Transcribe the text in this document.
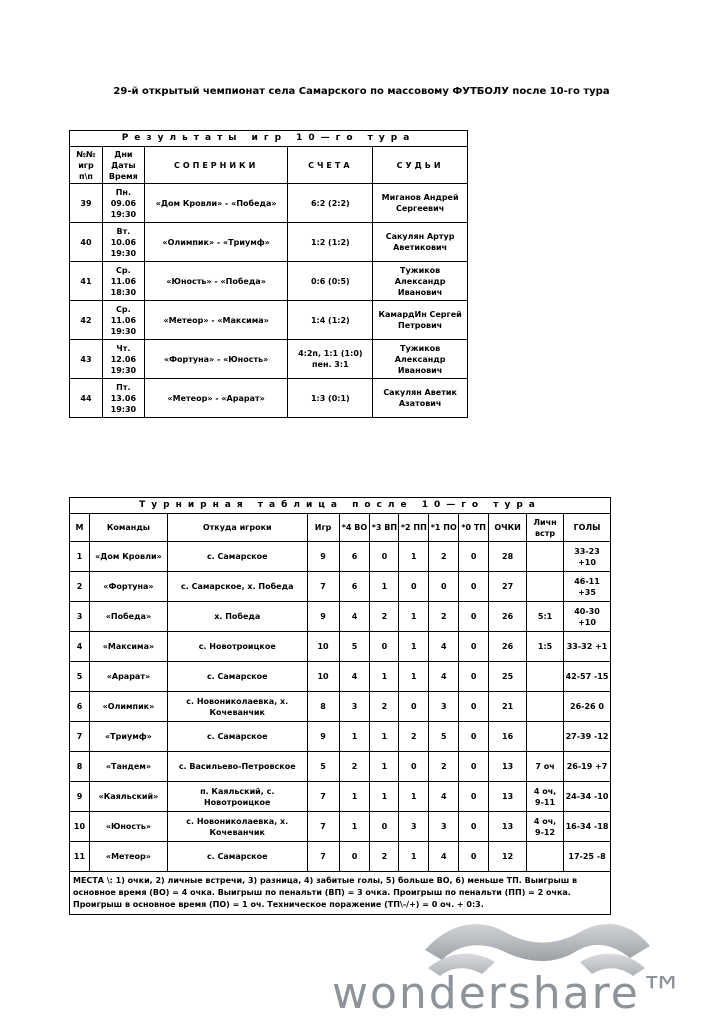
29-й открытый чемпионат села Самарского по массовому ФУТБОЛУ после 10-го тура
Результаты игр 10—го тура				
№№ игр п\п	Дни Даты Время	СОПЕРНИКИ	СЧЕТА	СУДЬИ
39	Пн. 09.06 19:30	«Дом Кровли» - «Победа»	6:2 (2:2)	Миганов Андрей Сергеевич
40	Вт. 10.06 19:30	«Олимпик» - «Триумф»	1:2 (1:2)	Сакулян Артур Аветикович
41	Ср. 11.06 18:30	«Юность» - «Победа»	0:6 (0:5)	Тужиков Александр Иванович
42	Ср. 11.06 19:30	«Метеор» - «Максима»	1:4 (1:2)	КамардИн Сергей Петрович
43	Чт. 12.06 19:30	«Фортуна» - «Юность»	4:2п, 1:1 (1:0) пен. 3:1	Тужиков Александр Иванович
44	Пт. 13.06 19:30	«Метеор» - «Арарат»	1:3 (0:1)	Сакулян Аветик Азатович
Турнирная таблица после 10—го тура											
М	Команды	Откуда игроки	Игр	*4 ВО	*3 ВП	*2 ПП	*1 ПО	*0 ТП	ОЧКИ	Личн встр	ГОЛЫ
1	«Дом Кровли»	с. Самарское	9	6	0	1	2	0	28		33-23 +10
2	«Фортуна»	с. Самарское, х. Победа	7	6	1	0	0	0	27		46-11 +35
3	«Победа»	х. Победа	9	4	2	1	2	0	26	5:1	40-30 +10
4	«Максима»	с. Новотроицкое	10	5	0	1	4	0	26	1:5	33-32 +1
5	«Арарат»	с. Самарское	10	4	1	1	4	0	25		42-57 -15
6	«Олимпик»	с. Новониколаевка, х. Кочеванчик	8	3	2	0	3	0	21		26-26 0
7	«Триумф»	с. Самарское	9	1	1	2	5	0	16		27-39 -12
8	«Тандем»	с. Васильево-Петровское	5	2	1	0	2	0	13	7 оч	26-19 +7
9	«Каяльский»	п. Каяльский, с. Новотроицкое	7	1	1	1	4	0	13	4 оч, 9-11	24-34 -10
10	«Юность»	с. Новониколаевка, х. Кочеванчик	7	1	0	3	3	0	13	4 оч, 9-12	16-34 -18
11	«Метеор»	с. Самарское	7	0	2	1	4	0	12		17-25 -8
МЕСТА \: 1) очки, 2) личные встречи, 3) разница, 4) забитые голы, 5) больше ВО, 6) меньше ТП. Выигрыш в основное время (ВО) = 4 очка. Выигрыш по пенальти (ВП) = 3 очка. Проигрыш по пенальти (ПП) = 2 очка. Проигрыш в основное время (ПО) = 1 оч. Техническое поражение (ТП\-/+) = 0 оч. + 0:3.											
wondershare™
